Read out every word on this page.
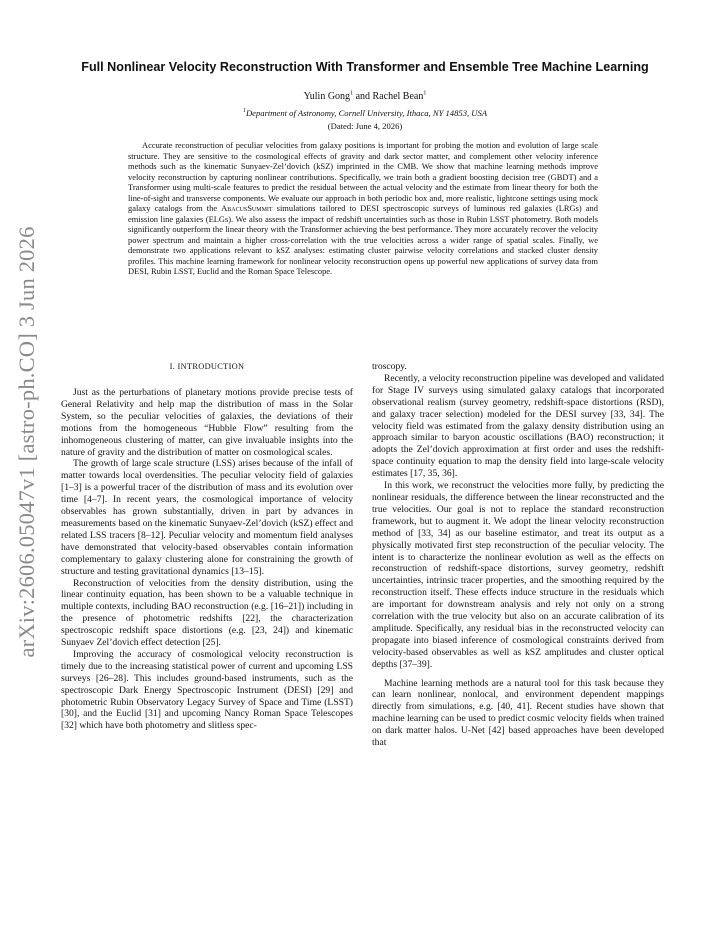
arXiv:2606.05047v1 [astro-ph.CO] 3 Jun 2026
Full Nonlinear Velocity Reconstruction With Transformer and Ensemble Tree Machine Learning
Yulin Gong$^1$ and Rachel Bean$^1$
$^1$Department of Astronomy, Cornell University, Ithaca, NY 14853, USA
(Dated: June 4, 2026)

Accurate reconstruction of peculiar velocities from galaxy positions is important for probing the motion and evolution of large scale structure. They are sensitive to the cosmological effects of gravity and dark sector matter, and complement other velocity inference methods such as the kinematic Sunyaev-Zel’dovich (kSZ) imprinted in the CMB. We show that machine learning methods improve velocity reconstruction by capturing nonlinear contributions. Specifically, we train both a gradient boosting decision tree (GBDT) and a Transformer using multi-scale features to predict the residual between the actual velocity and the estimate from linear theory for both the line-of-sight and transverse components. We evaluate our approach in both periodic box and, more realistic, lightcone settings using mock galaxy catalogs from the AbacusSummit simulations tailored to DESI spectroscopic surveys of luminous red galaxies (LRGs) and emission line galaxies (ELGs). We also assess the impact of redshift uncertainties such as those in Rubin LSST photometry. Both models significantly outperform the linear theory with the Transformer achieving the best performance. They more accurately recover the velocity power spectrum and maintain a higher cross-correlation with the true velocities across a wider range of spatial scales. Finally, we demonstrate two applications relevant to kSZ analyses: estimating cluster pairwise velocity correlations and stacked cluster density profiles. This machine learning framework for nonlinear velocity reconstruction opens up powerful new applications of survey data from DESI, Rubin LSST, Euclid and the Roman Space Telescope.

I. INTRODUCTION

Just as the perturbations of planetary motions provide precise tests of General Relativity and help map the distribution of mass in the Solar System, so the peculiar velocities of galaxies, the deviations of their motions from the homogeneous “Hubble Flow” resulting from the inhomogeneous clustering of matter, can give invaluable insights into the nature of gravity and the distribution of matter on cosmological scales.

The growth of large scale structure (LSS) arises because of the infall of matter towards local overdensities. The peculiar velocity field of galaxies [1–3] is a powerful tracer of the distribution of mass and its evolution over time [4–7]. In recent years, the cosmological importance of velocity observables has grown substantially, driven in part by advances in measurements based on the kinematic Sunyaev-Zel’dovich (kSZ) effect and related LSS tracers [8–12]. Peculiar velocity and momentum field analyses have demonstrated that velocity-based observables contain information complementary to galaxy clustering alone for constraining the growth of structure and testing gravitational dynamics [13–15].

Reconstruction of velocities from the density distribution, using the linear continuity equation, has been shown to be a valuable technique in multiple contexts, including BAO reconstruction (e.g. [16–21]) including in the presence of photometric redshifts [22], the characterization spectroscopic redshift space distortions (e.g. [23, 24]) and kinematic Sunyaev Zel’dovich effect detection [25].

Improving the accuracy of cosmological velocity reconstruction is timely due to the increasing statistical power of current and upcoming LSS surveys [26–28]. This includes ground-based instruments, such as the spectroscopic Dark Energy Spectroscopic Instrument (DESI) [29] and photometric Rubin Observatory Legacy Survey of Space and Time (LSST) [30], and the Euclid [31] and upcoming Nancy Roman Space Telescopes [32] which have both photometry and slitless spec-

troscopy.

Recently, a velocity reconstruction pipeline was developed and validated for Stage IV surveys using simulated galaxy catalogs that incorporated observational realism (survey geometry, redshift-space distortions (RSD), and galaxy tracer selection) modeled for the DESI survey [33, 34]. The velocity field was estimated from the galaxy density distribution using an approach similar to baryon acoustic oscillations (BAO) reconstruction; it adopts the Zel’dovich approximation at first order and uses the redshift-space continuity equation to map the density field into large-scale velocity estimates [17, 35, 36].

In this work, we reconstruct the velocities more fully, by predicting the nonlinear residuals, the difference between the linear reconstructed and the true velocities. Our goal is not to replace the standard reconstruction framework, but to augment it. We adopt the linear velocity reconstruction method of [33, 34] as our baseline estimator, and treat its output as a physically motivated first step reconstruction of the peculiar velocity. The intent is to characterize the nonlinear evolution as well as the effects on reconstruction of redshift-space distortions, survey geometry, redshift uncertainties, intrinsic tracer properties, and the smoothing required by the reconstruction itself. These effects induce structure in the residuals which are important for downstream analysis and rely not only on a strong correlation with the true velocity but also on an accurate calibration of its amplitude. Specifically, any residual bias in the reconstructed velocity can propagate into biased inference of cosmological constraints derived from velocity-based observables as well as kSZ amplitudes and cluster optical depths [37–39].

Machine learning methods are a natural tool for this task because they can learn nonlinear, nonlocal, and environment dependent mappings directly from simulations, e.g. [40, 41]. Recent studies have shown that machine learning can be used to predict cosmic velocity fields when trained on dark matter halos. U-Net [42] based approaches have been developed that
